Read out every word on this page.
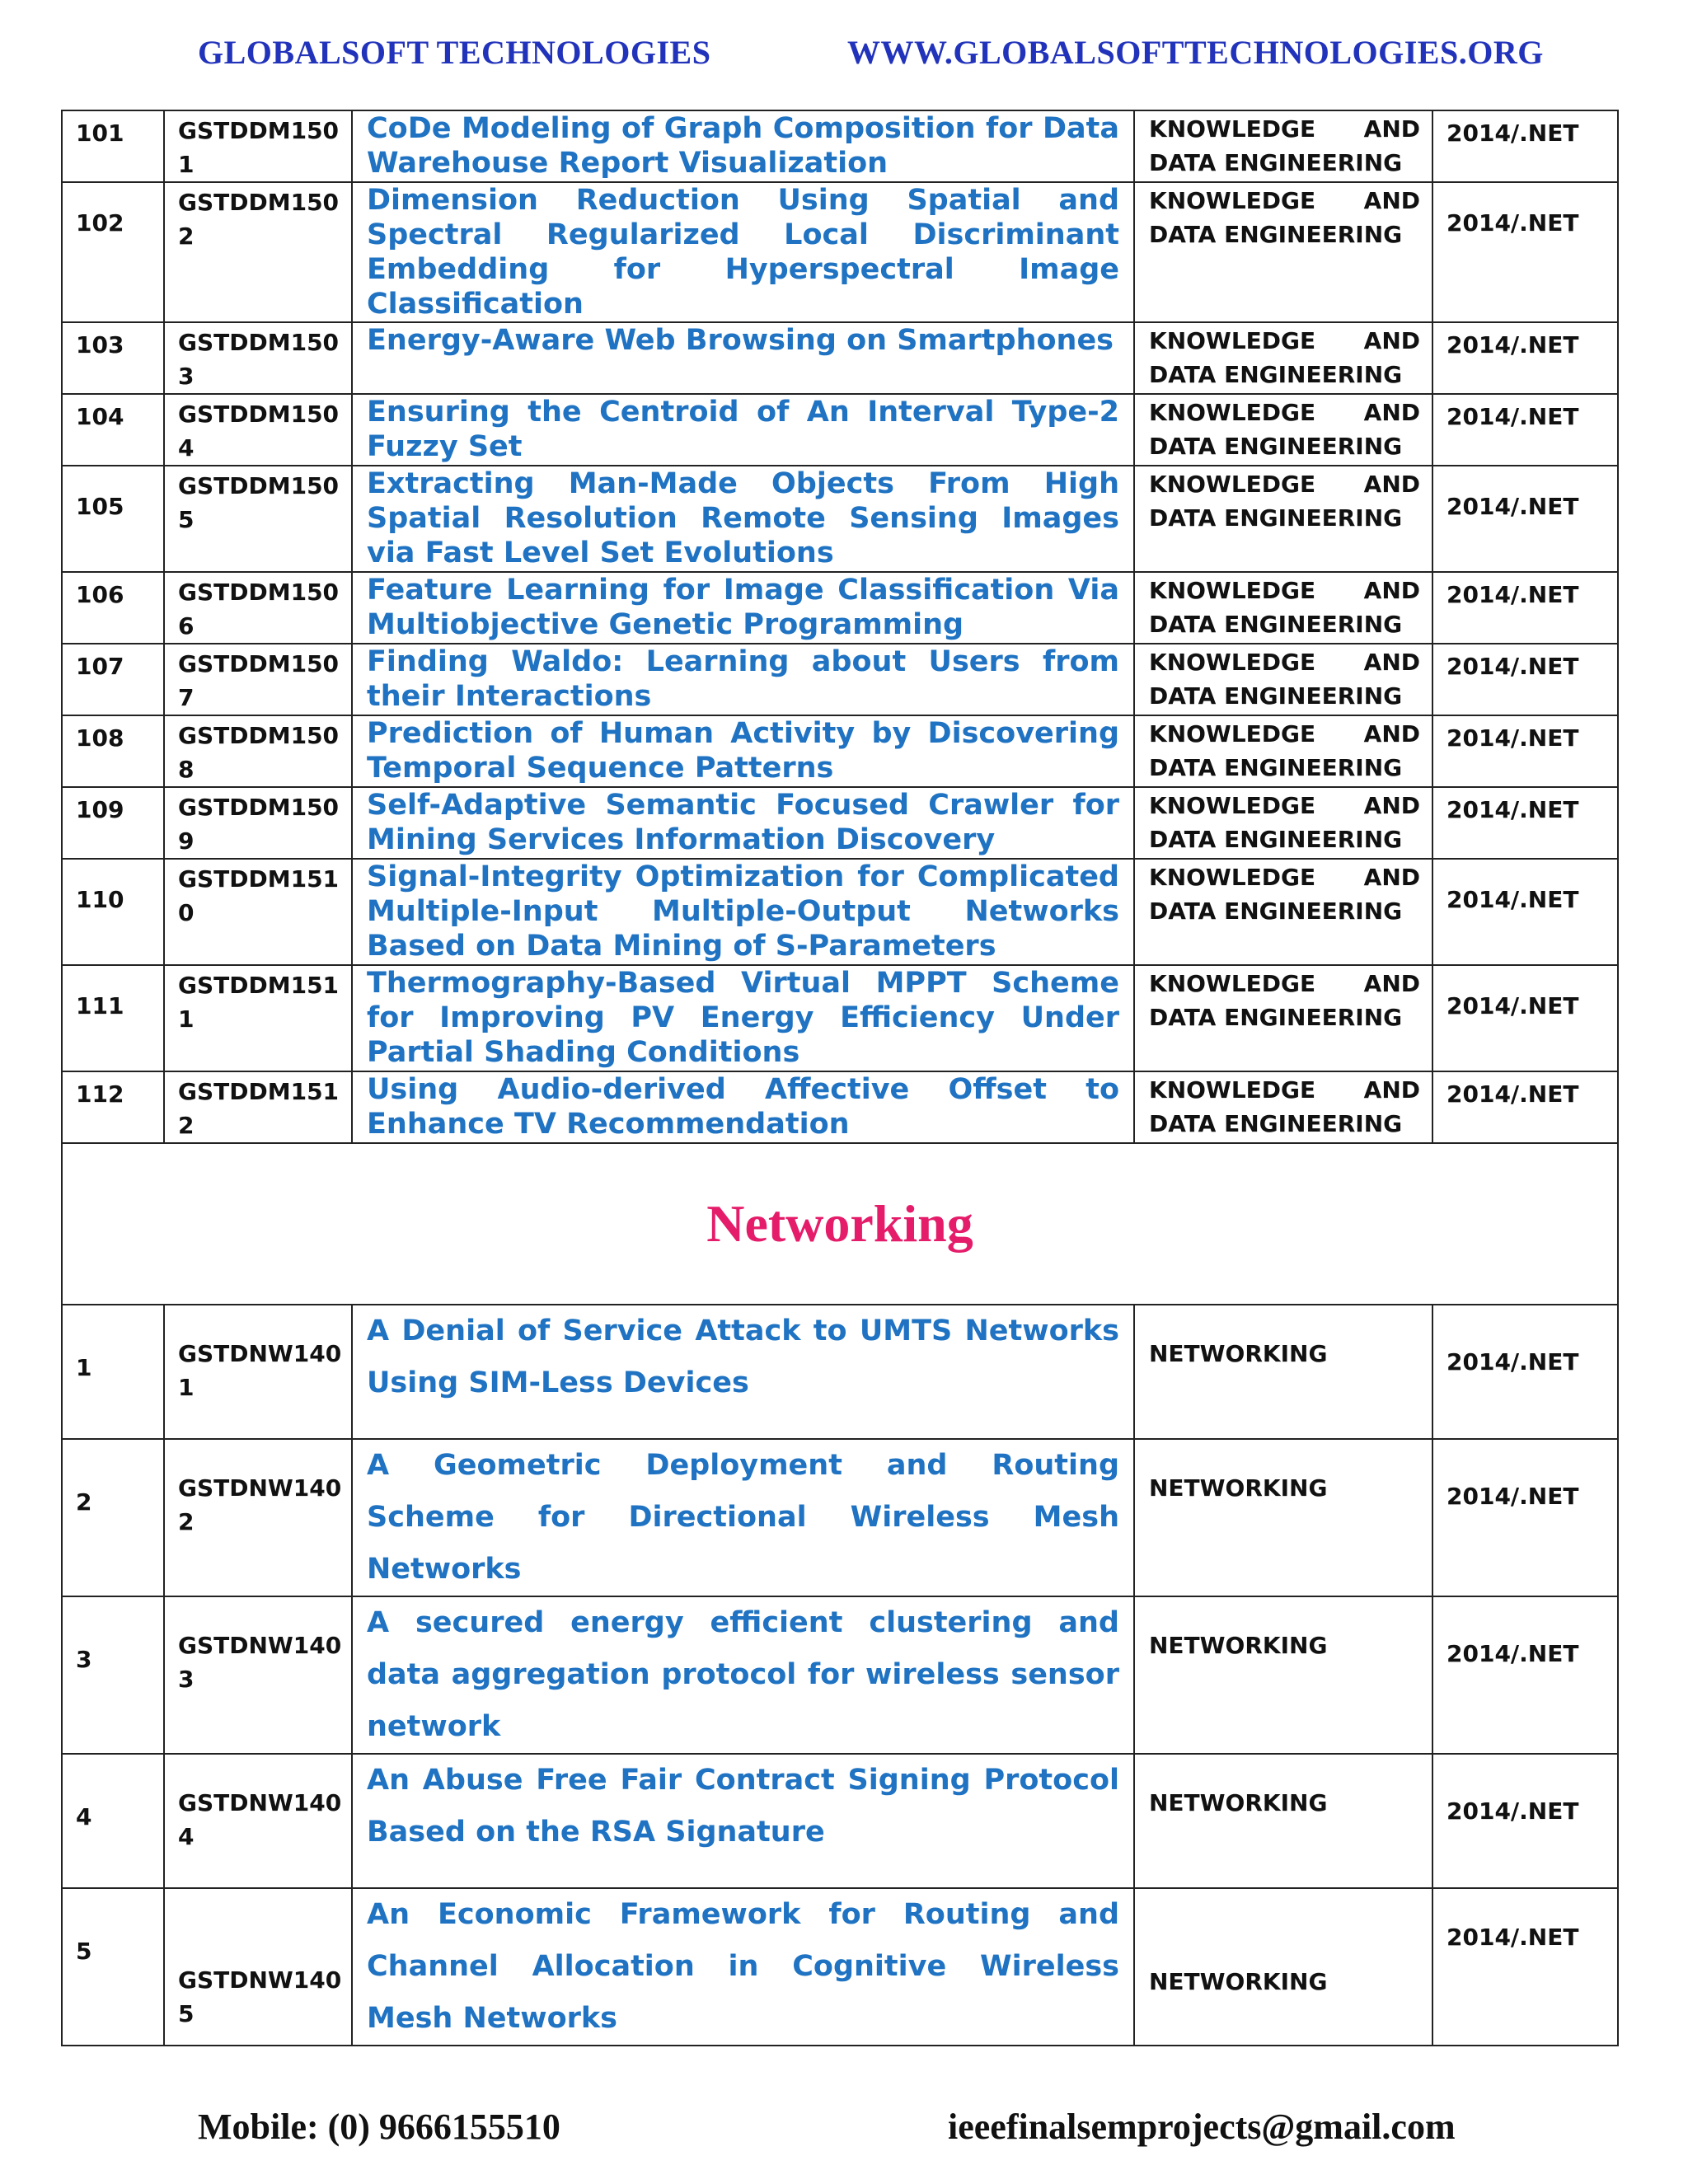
GLOBALSOFT TECHNOLOGIES	WWW.GLOBALSOFTTECHNOLOGIES.ORG
101	GSTDDM1501	CoDe Modeling of Graph Composition for Data Warehouse Report Visualization	KNOWLEDGE AND DATA ENGINEERING	2014/.NET

102	GSTDDM1502	Dimension Reduction Using Spatial and Spectral Regularized Local Discriminant Embedding for Hyperspectral Image Classification	KNOWLEDGE AND DATA ENGINEERING	2014/.NET

103	GSTDDM1503	Energy-Aware Web Browsing on Smartphones	KNOWLEDGE AND DATA ENGINEERING	2014/.NET

104	GSTDDM1504	Ensuring the Centroid of An Interval Type-2 Fuzzy Set	KNOWLEDGE AND DATA ENGINEERING	2014/.NET

105	GSTDDM1505	Extracting Man-Made Objects From High Spatial Resolution Remote Sensing Images via Fast Level Set Evolutions	KNOWLEDGE AND DATA ENGINEERING	2014/.NET

106	GSTDDM1506	Feature Learning for Image Classification Via Multiobjective Genetic Programming	KNOWLEDGE AND DATA ENGINEERING	2014/.NET

107	GSTDDM1507	Finding Waldo: Learning about Users from their Interactions	KNOWLEDGE AND DATA ENGINEERING	2014/.NET

108	GSTDDM1508	Prediction of Human Activity by Discovering Temporal Sequence Patterns	KNOWLEDGE AND DATA ENGINEERING	2014/.NET

109	GSTDDM1509	Self-Adaptive Semantic Focused Crawler for Mining Services Information Discovery	KNOWLEDGE AND DATA ENGINEERING	2014/.NET

110	GSTDDM1510	Signal-Integrity Optimization for Complicated Multiple-Input Multiple-Output Networks Based on Data Mining of S-Parameters	KNOWLEDGE AND DATA ENGINEERING	2014/.NET

111	GSTDDM1511	Thermography-Based Virtual MPPT Scheme for Improving PV Energy Efficiency Under Partial Shading Conditions	KNOWLEDGE AND DATA ENGINEERING	2014/.NET

112	GSTDDM1512	Using Audio-derived Affective Offset to Enhance TV Recommendation	KNOWLEDGE AND DATA ENGINEERING	2014/.NET

Networking				

1	GSTDNW1401	A Denial of Service Attack to UMTS Networks Using SIM-Less Devices	NETWORKING	2014/.NET

2	GSTDNW1402	A Geometric Deployment and Routing Scheme for Directional Wireless Mesh Networks	NETWORKING	2014/.NET

3	GSTDNW1403	A secured energy efficient clustering and data aggregation protocol for wireless sensor network	NETWORKING	2014/.NET

4	GSTDNW1404	An Abuse Free Fair Contract Signing Protocol Based on the RSA Signature	NETWORKING	2014/.NET

5	GSTDNW1405	An Economic Framework for Routing and Channel Allocation in Cognitive Wireless Mesh Networks	NETWORKING	2014/.NET
Mobile: (0) 9666155510	ieeefinalsemprojects@gmail.com
